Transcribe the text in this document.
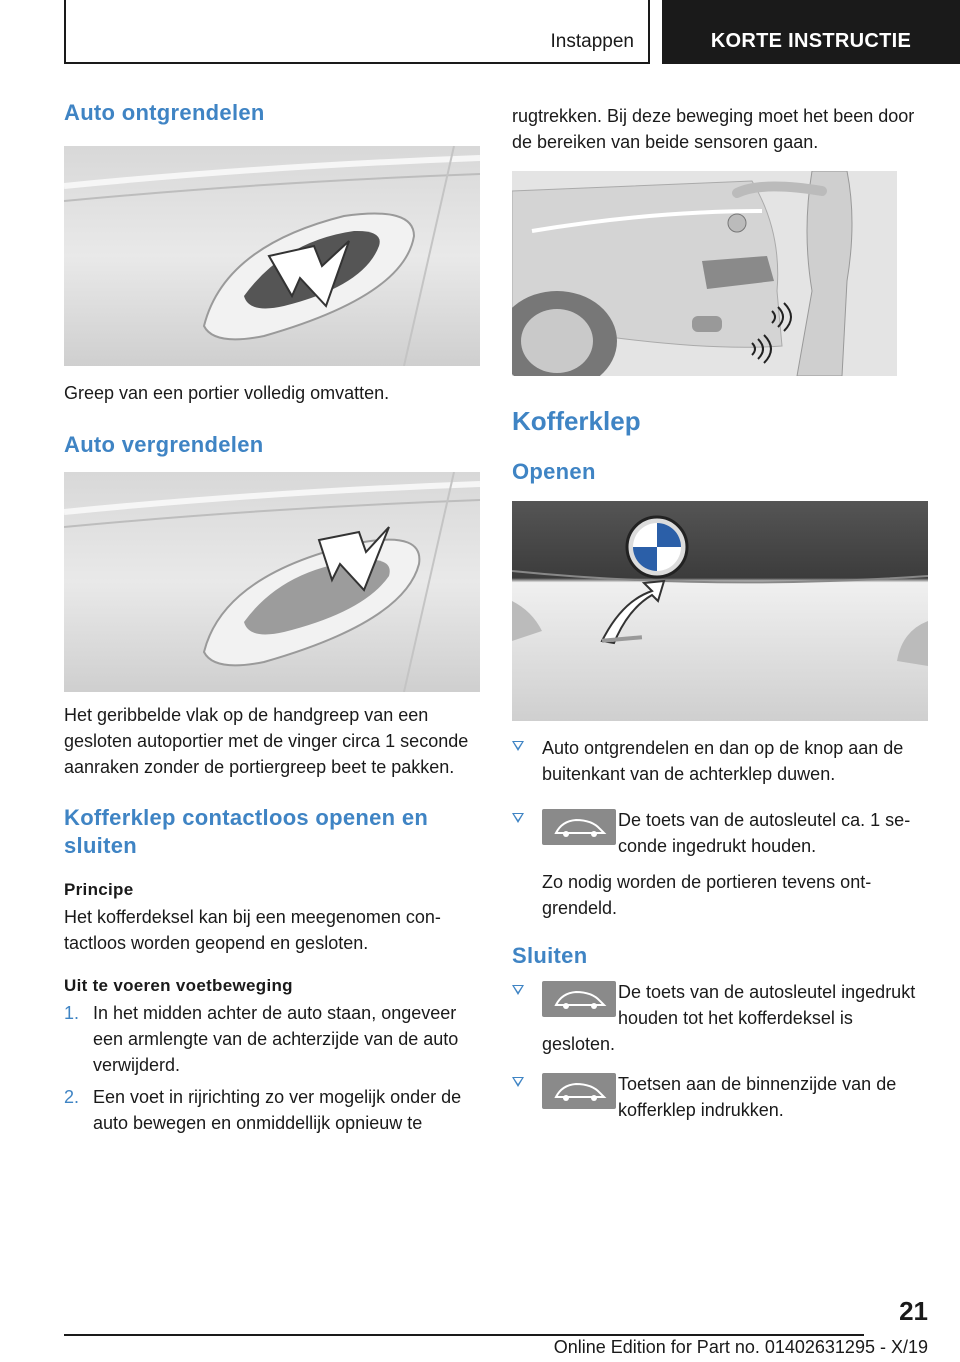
Instappen	KORTE INSTRUCTIE
Auto ontgrendelen

Greep van een portier volledig omvatten.

Auto vergrendelen

Het geribbelde vlak op de handgreep van een gesloten autoportier met de vinger circa 1 seconde aanraken zonder de portiergreep beet te pakken.

Kofferklep contactloos openen en sluiten
Principe

Het kofferdeksel kan bij een meegenomen contactloos worden geopend en gesloten.

Uit te voeren voetbeweging
1. In het midden achter de auto staan, ongeveer een armlengte van de achterzijde van de auto verwijderd.
2. Een voet in rijrichting zo ver mogelijk onder de auto bewegen en onmiddellijk opnieuw te

rugtrekken. Bij deze beweging moet het been door de bereiken van beide sensoren gaan.

Kofferklep
Openen
Auto ontgrendelen en dan op de knop aan de buitenkant van de achterklep duwen.
De toets van de autosleutel ca. 1 seconde ingedrukt houden.

Zo nodig worden de portieren tevens ontgrendeld.

Sluiten
De toets van de autosleutel ingedrukt houden tot het kofferdeksel is

gesloten.

Toetsen aan de binnenzijde van de kofferklep indrukken.
21
Online Edition for Part no. 01402631295 - X/19
